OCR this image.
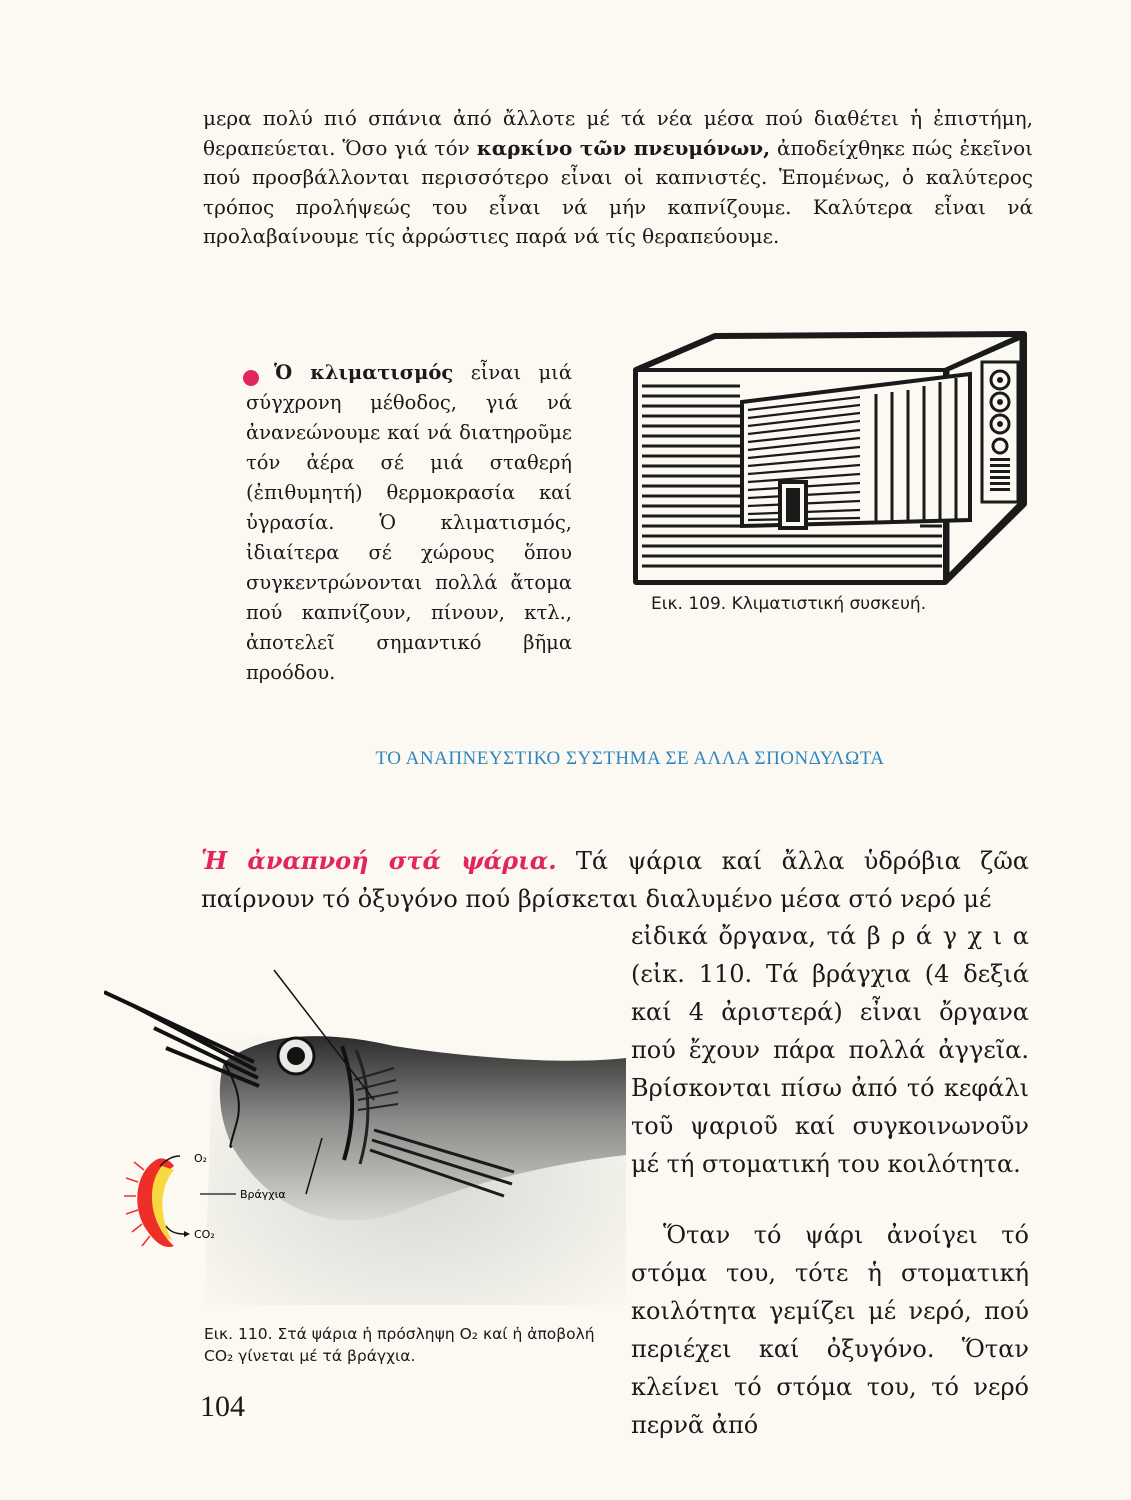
μερα πολύ πιό σπάνια ἀπό ἄλλοτε μέ τά νέα μέσα πού διαθέτει ἡ ἐπιστήμη, θεραπεύεται. Ὅσο γιά τόν καρκίνο τῶν πνευμόνων, ἀποδείχθηκε πώς ἐκεῖνοι πού προσβάλλονται περισσότερο εἶναι οἱ καπνιστές. Ἑπομένως, ὁ καλύτερος τρόπος προλήψεώς του εἶναι νά μήν καπνίζουμε. Καλύτερα εἶναι νά προλαβαίνουμε τίς ἀρρώστιες παρά νά τίς θεραπεύουμε.
Ὁ κλιματισμός εἶναι μιά σύγχρονη μέθοδος, γιά νά ἀνανεώνουμε καί νά διατηροῦμε τόν ἀέρα σέ μιά σταθερή (ἐπιθυμητή) θερμοκρασία καί ὑγρασία. Ὁ κλιματισμός, ἰδιαίτερα σέ χώρους ὅπου συγκεντρώνονται πολλά ἄτομα πού καπνίζουν, πίνουν, κτλ., ἀποτελεῖ σημαντικό βῆμα προόδου.
Εικ. 109. Κλιματιστική συσκευή.
ΤΟ ΑΝΑΠΝΕΥΣΤΙΚΟ ΣΥΣΤΗΜΑ ΣΕ ΑΛΛΑ ΣΠΟΝΔΥΛΩΤΑ
Ἡ ἀναπνοή στά ψάρια. Τά ψάρια καί ἄλλα ὑδρόβια ζῶα παίρνουν τό ὀξυγόνο πού βρίσκεται διαλυμένο μέσα στό νερό μέ
εἰδικά ὄργανα, τά β ρ ά γ χ ι α (εἰκ. 110. Τά βράγχια (4 δεξιά καί 4 ἀριστερά) εἶναι ὄργανα πού ἔχουν πάρα πολλά ἀγγεῖα. Βρίσκονται πίσω ἀπό τό κεφάλι τοῦ ψαριοῦ καί συγκοινωνοῦν μέ τή στοματική του κοιλότητα.
Ὅταν τό ψάρι ἀνοίγει τό στόμα του, τότε ἡ στοματική κοιλότητα γεμίζει μέ νερό, πού περιέχει καί ὀξυγόνο. Ὅταν κλείνει τό στόμα του, τό νερό περνᾶ ἀπό
O₂
Βράγχια
CO₂
Εικ. 110. Στά ψάρια ἡ πρόσληψη O₂ καί ἡ ἀποβολή CO₂ γίνεται μέ τά βράγχια.
104
